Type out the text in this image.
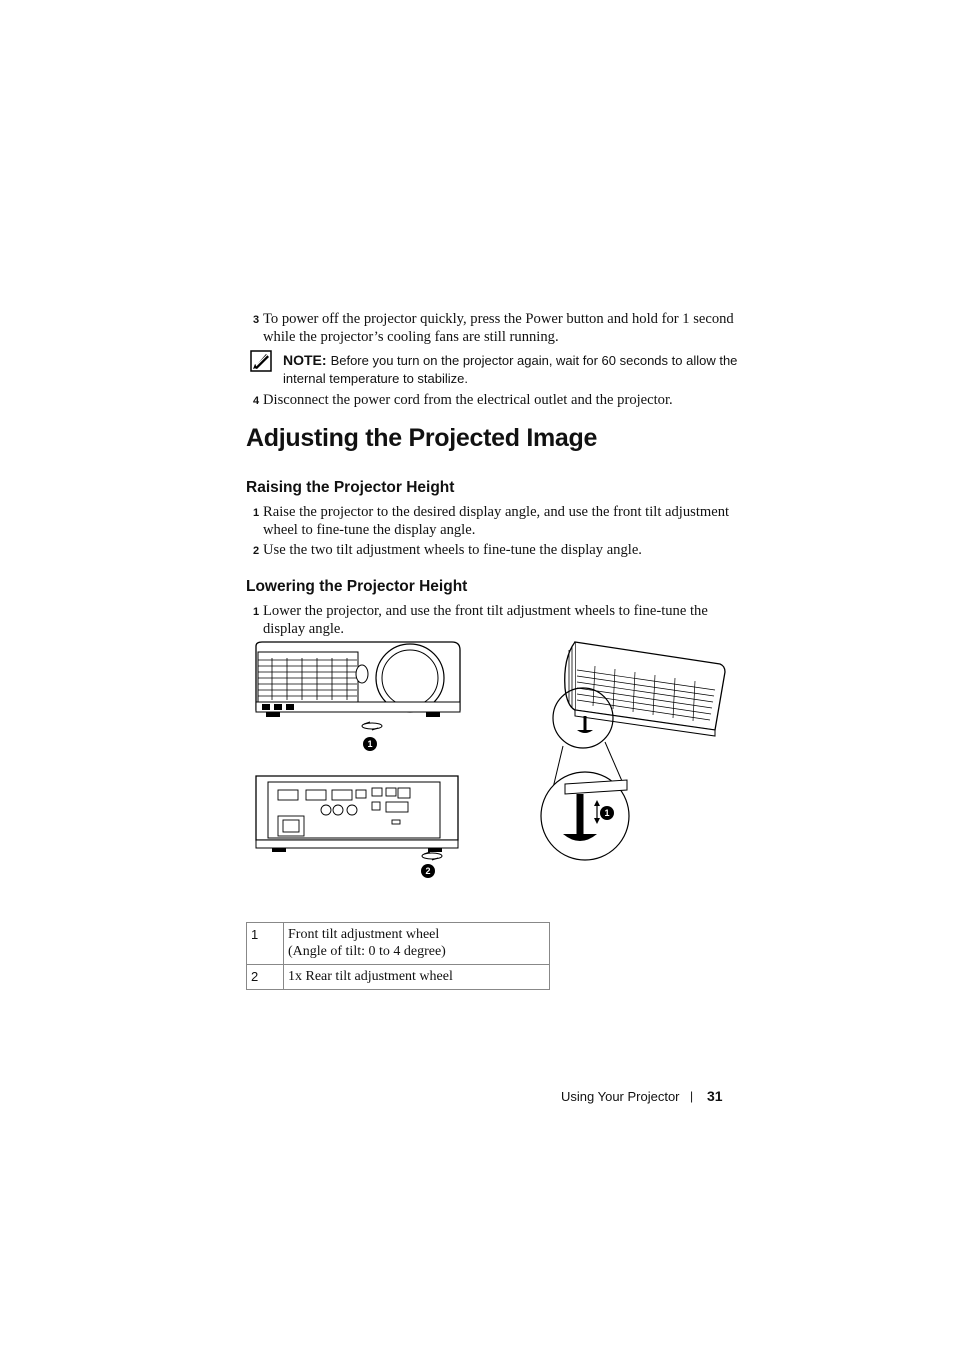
3 To power off the projector quickly, press the Power button and hold for 1 second while the projector’s cooling fans are still running.
NOTE: Before you turn on the projector again, wait for 60 seconds to allow the internal temperature to stabilize.
4 Disconnect the power cord from the electrical outlet and the projector.
Adjusting the Projected Image
Raising the Projector Height
1 Raise the projector to the desired display angle, and use the front tilt adjustment wheel to fine-tune the display angle.
2 Use the two tilt adjustment wheels to fine-tune the display angle.
Lowering the Projector Height
1 Lower the projector, and use the front tilt adjustment wheels to fine-tune the display angle.
1
2
1
1	Front tilt adjustment wheel
(Angle of tilt: 0 to 4 degree)

2	1x Rear tilt adjustment wheel
Using Your Projector | 31
